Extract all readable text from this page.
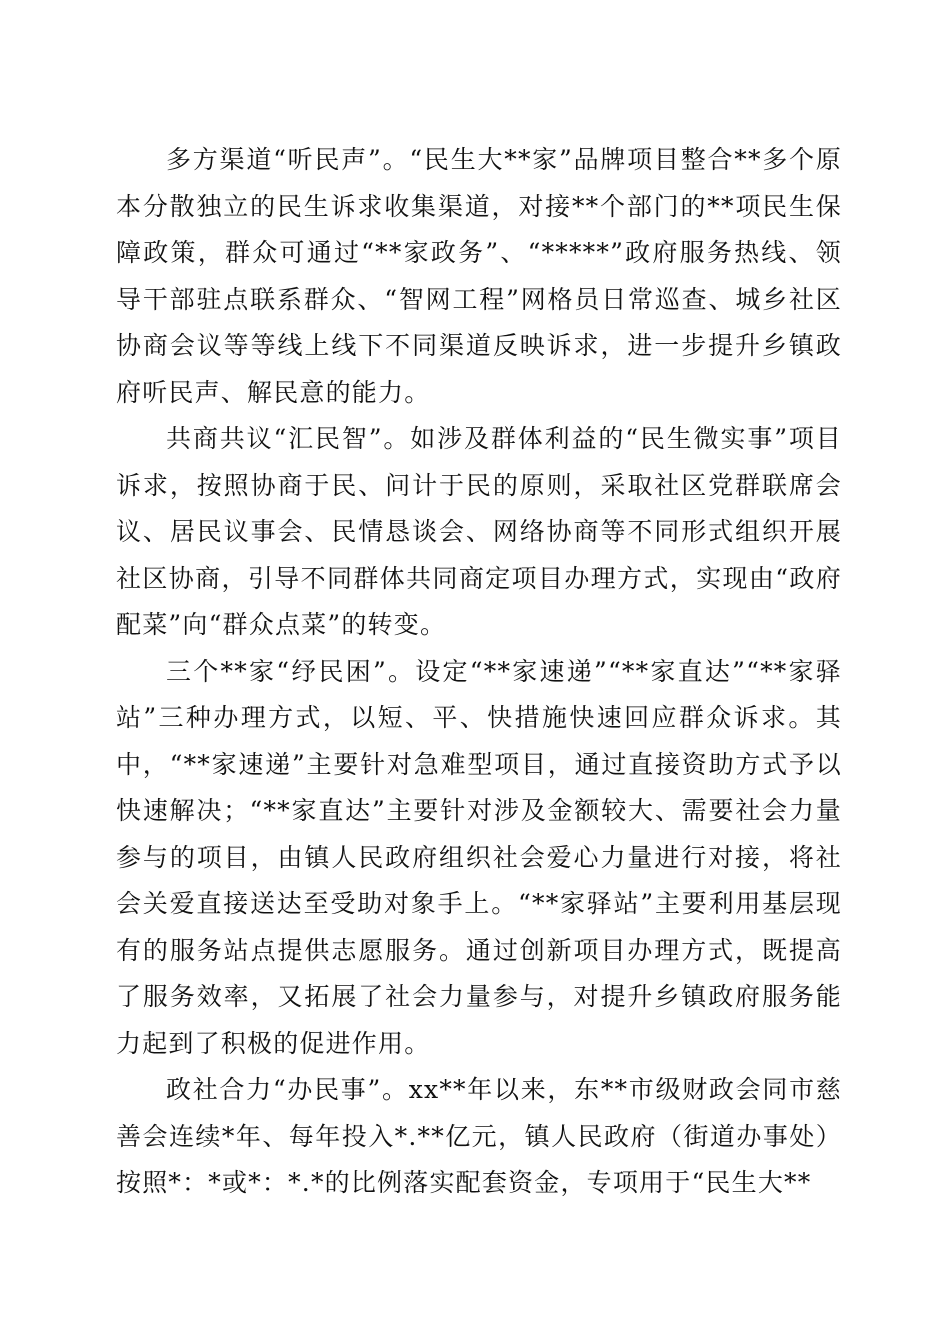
多方渠道“听民声”。“民生大**家”品牌项目整合**多个原本分散独立的民生诉求收集渠道，对接**个部门的**项民生保障政策，群众可通过“**家政务”、“*****”政府服务热线、领导干部驻点联系群众、“智网工程”网格员日常巡查、城乡社区协商会议等等线上线下不同渠道反映诉求，进一步提升乡镇政府听民声、解民意的能力。

共商共议“汇民智”。如涉及群体利益的“民生微实事”项目诉求，按照协商于民、问计于民的原则，采取社区党群联席会议、居民议事会、民情恳谈会、网络协商等不同形式组织开展社区协商，引导不同群体共同商定项目办理方式，实现由“政府配菜”向“群众点菜”的转变。

三个**家“纾民困”。设定“**家速递”“**家直达”“**家驿站”三种办理方式，以短、平、快措施快速回应群众诉求。其中，“**家速递”主要针对急难型项目，通过直接资助方式予以快速解决；“**家直达”主要针对涉及金额较大、需要社会力量参与的项目，由镇人民政府组织社会爱心力量进行对接，将社会关爱直接送达至受助对象手上。“**家驿站”主要利用基层现有的服务站点提供志愿服务。通过创新项目办理方式，既提高了服务效率，又拓展了社会力量参与，对提升乡镇政府服务能力起到了积极的促进作用。

政社合力“办民事”。xx**年以来，东**市级财政会同市慈善会连续*年、每年投入*.**亿元，镇人民政府（街道办事处）按照*：*或*：*.*的比例落实配套资金，专项用于“民生大**
